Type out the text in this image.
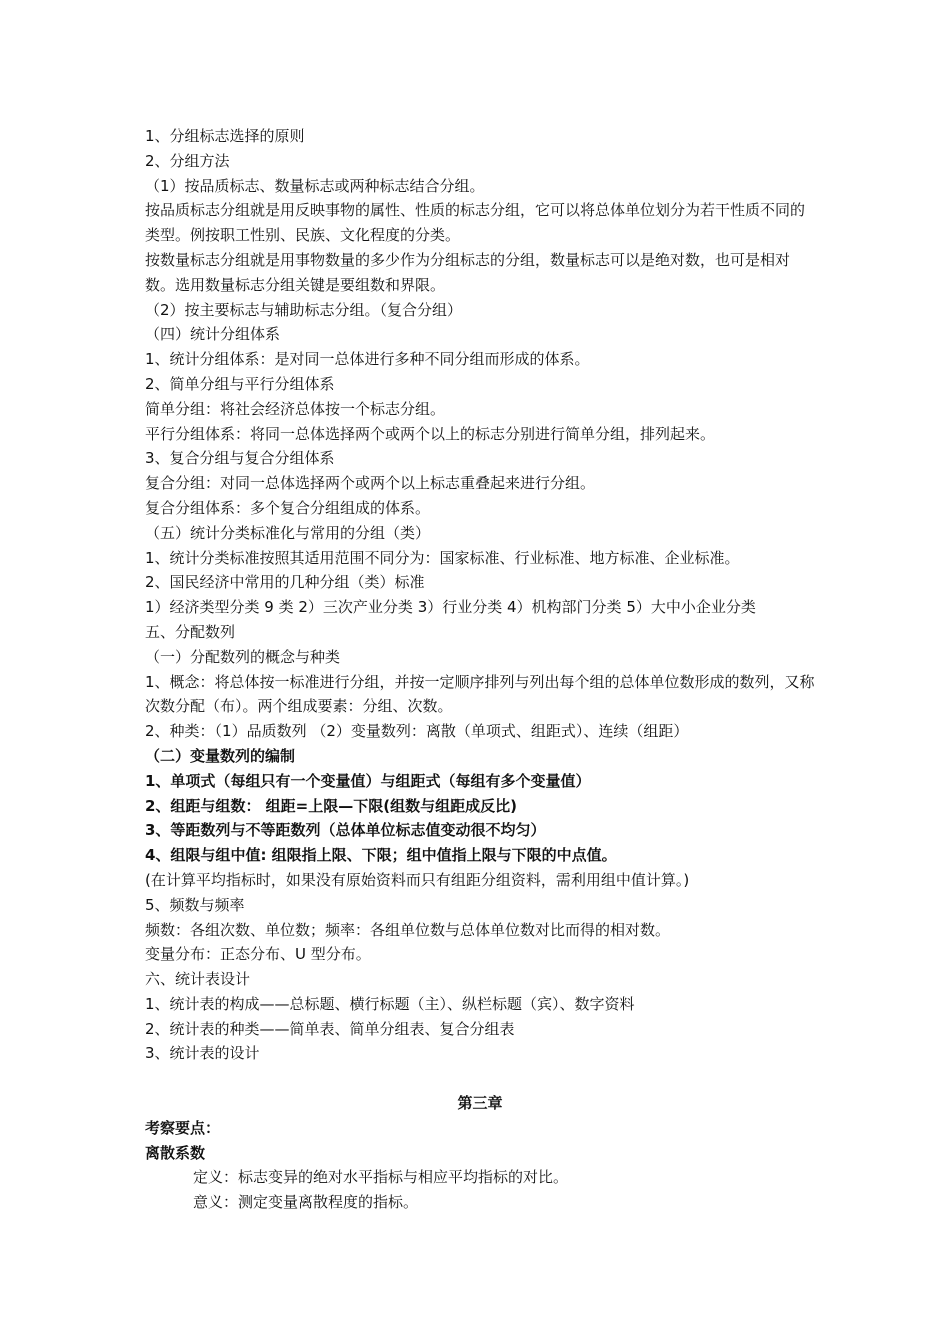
1、分组标志选择的原则

2、分组方法

（1）按品质标志、数量标志或两种标志结合分组。

按品质标志分组就是用反映事物的属性、性质的标志分组，它可以将总体单位划分为若干性质不同的类型。例按职工性别、民族、文化程度的分类。

按数量标志分组就是用事物数量的多少作为分组标志的分组，数量标志可以是绝对数，也可是相对数。选用数量标志分组关键是要组数和界限。

（2）按主要标志与辅助标志分组。（复合分组）

（四）统计分组体系

1、统计分组体系：是对同一总体进行多种不同分组而形成的体系。

2、简单分组与平行分组体系

简单分组：将社会经济总体按一个标志分组。

平行分组体系：将同一总体选择两个或两个以上的标志分别进行简单分组，排列起来。

3、复合分组与复合分组体系

复合分组：对同一总体选择两个或两个以上标志重叠起来进行分组。

复合分组体系：多个复合分组组成的体系。

（五）统计分类标准化与常用的分组（类）

1、统计分类标准按照其适用范围不同分为：国家标准、行业标准、地方标准、企业标准。

2、国民经济中常用的几种分组（类）标准

1）经济类型分类 9 类 2）三次产业分类 3）行业分类 4）机构部门分类 5）大中小企业分类

五、分配数列

（一）分配数列的概念与种类

1、概念：将总体按一标准进行分组，并按一定顺序排列与列出每个组的总体单位数形成的数列，又称次数分配（布）。两个组成要素：分组、次数。

2、种类：（1）品质数列 （2）变量数列：离散（单项式、组距式）、连续（组距）

（二）变量数列的编制

1、单项式（每组只有一个变量值）与组距式（每组有多个变量值）

2、组距与组数： 组距=上限—下限(组数与组距成反比)

3、等距数列与不等距数列（总体单位标志值变动很不均匀）

4、组限与组中值: 组限指上限、下限；组中值指上限与下限的中点值。

(在计算平均指标时，如果没有原始资料而只有组距分组资料，需利用组中值计算。)

5、频数与频率

频数：各组次数、单位数；频率：各组单位数与总体单位数对比而得的相对数。

变量分布：正态分布、U 型分布。

六、统计表设计

1、统计表的构成——总标题、横行标题（主）、纵栏标题（宾）、数字资料

2、统计表的种类——简单表、简单分组表、复合分组表

3、统计表的设计

第三章

考察要点：

离散系数

定义：标志变异的绝对水平指标与相应平均指标的对比。

意义：测定变量离散程度的指标。
